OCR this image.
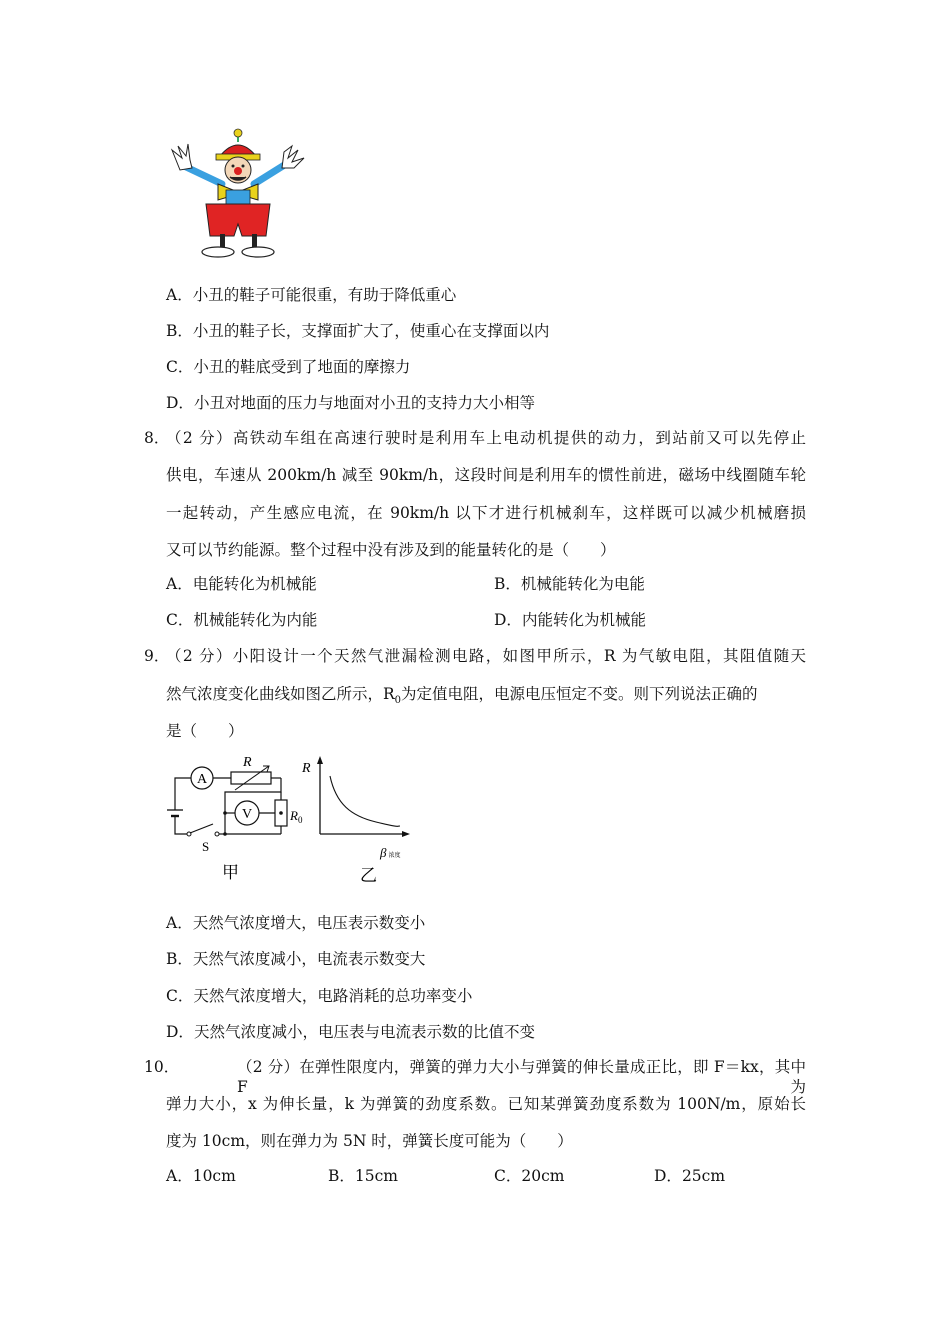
A．小丑的鞋子可能很重，有助于降低重心
B．小丑的鞋子长，支撑面扩大了，使重心在支撑面以内
C．小丑的鞋底受到了地面的摩擦力
D．小丑对地面的压力与地面对小丑的支持力大小相等
8．
（2 分）高铁动车组在高速行驶时是利用车上电动机提供的动力，到站前又可以先停止
供电，车速从 200km/h 减至 90km/h，这段时间是利用车的惯性前进，磁场中线圈随车轮
一起转动，产生感应电流，在 90km/h 以下才进行机械刹车，这样既可以减少机械磨损
又可以节约能源。整个过程中没有涉及到的能量转化的是（　　）
A．电能转化为机械能	B．机械能转化为电能
C．机械能转化为内能	D．内能转化为机械能
9．
（2 分）小阳设计一个天然气泄漏检测电路，如图甲所示，R 为气敏电阻，其阻值随天
然气浓度变化曲线如图乙所示，$R_0$为定值电阻，电源电压恒定不变。则下列说法正确的
是（　　）
A
R
V	$R_0$
S
甲
R
β浓度
乙
A．天然气浓度增大，电压表示数变小
B．天然气浓度减小，电流表示数变大
C．天然气浓度增大，电路消耗的总功率变小
D．天然气浓度减小，电压表与电流表示数的比值不变
10．	（2 分）在弹性限度内，弹簧的弹力大小与弹簧的伸长量成正比，即 F＝kx，其中 F 为
弹力大小，x 为伸长量，k 为弹簧的劲度系数。已知某弹簧劲度系数为 100N/m，原始长
度为 10cm，则在弹力为 5N 时，弹簧长度可能为（　　）
A．10cm	B．15cm	C．20cm	D．25cm
